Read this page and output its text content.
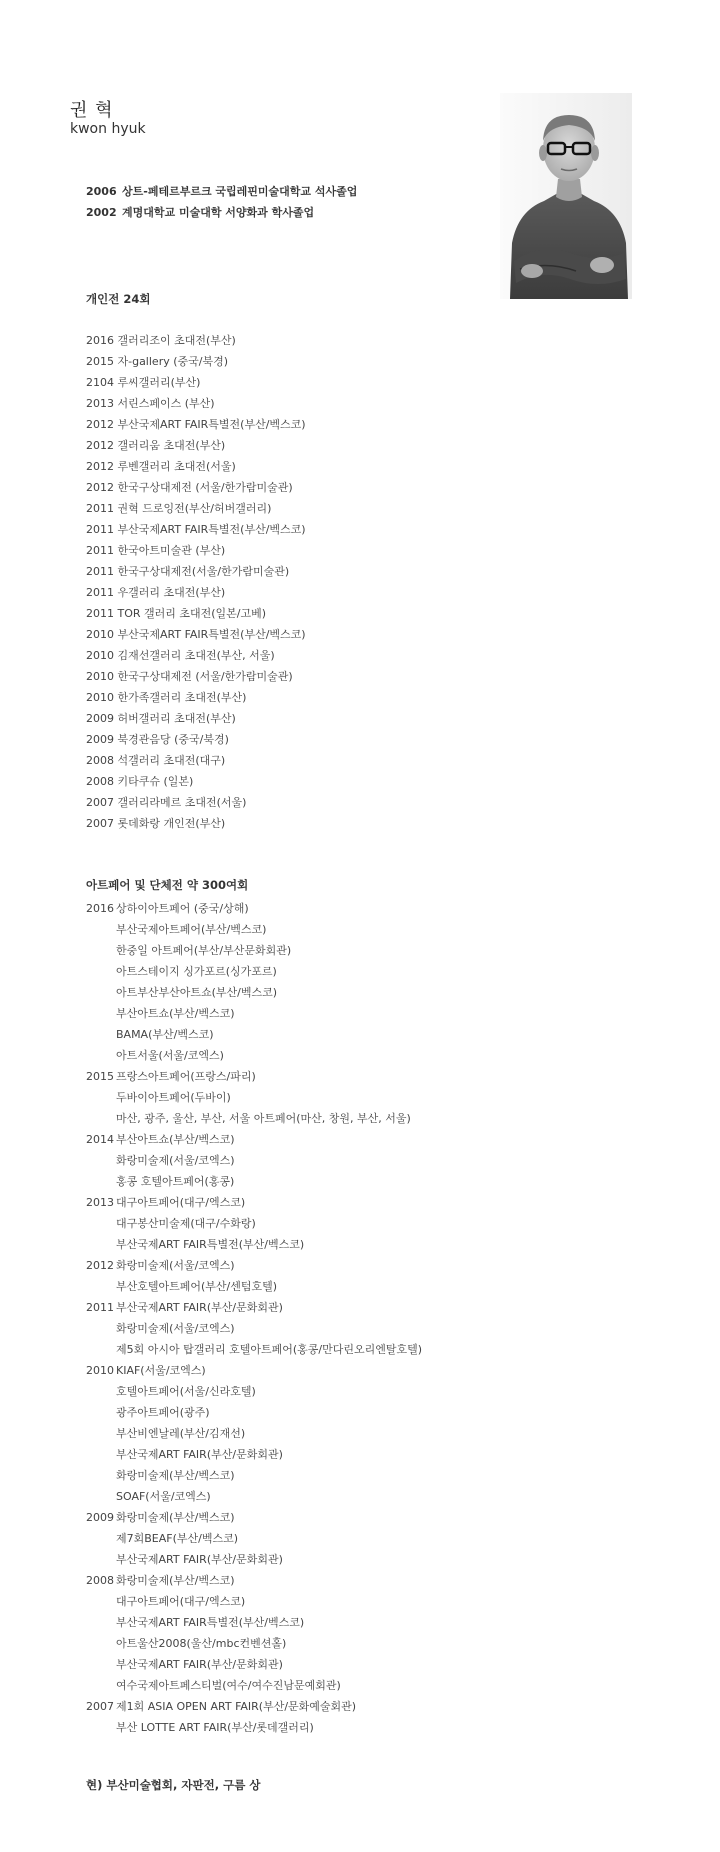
권 혁
kwon hyuk
2006 상트-페테르부르크 국립레핀미술대학교 석사졸업
2002 계명대학교 미술대학 서양화과 학사졸업
개인전 24회
2016 갤러리조이 초대전(부산)
2015 자-gallery (중국/북경)
2104 루씨갤러리(부산)
2013 서린스페이스 (부산)
2012 부산국제ART FAIR특별전(부산/벡스코)
2012 갤러리움 초대전(부산)
2012 루벤갤러리 초대전(서울)
2012 한국구상대제전 (서울/한가람미술관)
2011 권혁 드로잉전(부산/허버갤러리)
2011 부산국제ART FAIR특별전(부산/벡스코)
2011 한국아트미술관 (부산)
2011 한국구상대제전(서울/한가람미술관)
2011 우갤러리 초대전(부산)
2011 TOR 갤러리 초대전(일본/고베)
2010 부산국제ART FAIR특별전(부산/벡스코)
2010 김재선갤러리 초대전(부산, 서울)
2010 한국구상대제전 (서울/한가람미술관)
2010 한가족갤러리 초대전(부산)
2009 허버갤러리 초대전(부산)
2009 북경관음당 (중국/북경)
2008 석갤러리 초대전(대구)
2008 키타쿠슈 (일본)
2007 갤러리라메르 초대전(서울)
2007 롯데화랑 개인전(부산)
아트페어 및 단체전 약 300여회
2016 상하이아트페어 (중국/상해)
부산국제아트페어(부산/벡스코)
한중일 아트페어(부산/부산문화회관)
아트스테이지 싱가포르(싱가포르)
아트부산부산아트쇼(부산/벡스코)
부산아트쇼(부산/벡스코)
BAMA(부산/벡스코)
아트서울(서울/코엑스)
2015 프랑스아트페어(프랑스/파리)
두바이아트페어(두바이)
마산, 광주, 울산, 부산, 서울 아트페어(마산, 창원, 부산, 서울)
2014 부산아트쇼(부산/벡스코)
화랑미술제(서울/코엑스)
홍콩 호텔아트페어(홍콩)
2013 대구아트페어(대구/엑스코)
대구봉산미술제(대구/수화랑)
부산국제ART FAIR특별전(부산/벡스코)
2012 화랑미술제(서울/코엑스)
부산호텔아트페어(부산/센텀호텔)
2011 부산국제ART FAIR(부산/문화회관)
화랑미술제(서울/코엑스)
제5회 아시아 탑갤러리 호텔아트페어(홍콩/만다린오리엔탈호텔)
2010 KIAF(서울/코엑스)
호텔아트페어(서울/신라호텔)
광주아트페어(광주)
부산비엔날레(부산/김재선)
부산국제ART FAIR(부산/문화회관)
화랑미술제(부산/벡스코)
SOAF(서울/코엑스)
2009 화랑미술제(부산/벡스코)
제7회BEAF(부산/벡스코)
부산국제ART FAIR(부산/문화회관)
2008 화랑미술제(부산/벡스코)
대구아트페어(대구/엑스코)
부산국제ART FAIR특별전(부산/벡스코)
아트울산2008(울산/mbc컨벤션홀)
부산국제ART FAIR(부산/문화회관)
여수국제아트페스티벌(여수/여수진남문예회관)
2007 제1회 ASIA OPEN ART FAIR(부산/문화예술회관)
부산 LOTTE ART FAIR(부산/롯데갤러리)
현) 부산미술협회, 자판전, 구름 상
